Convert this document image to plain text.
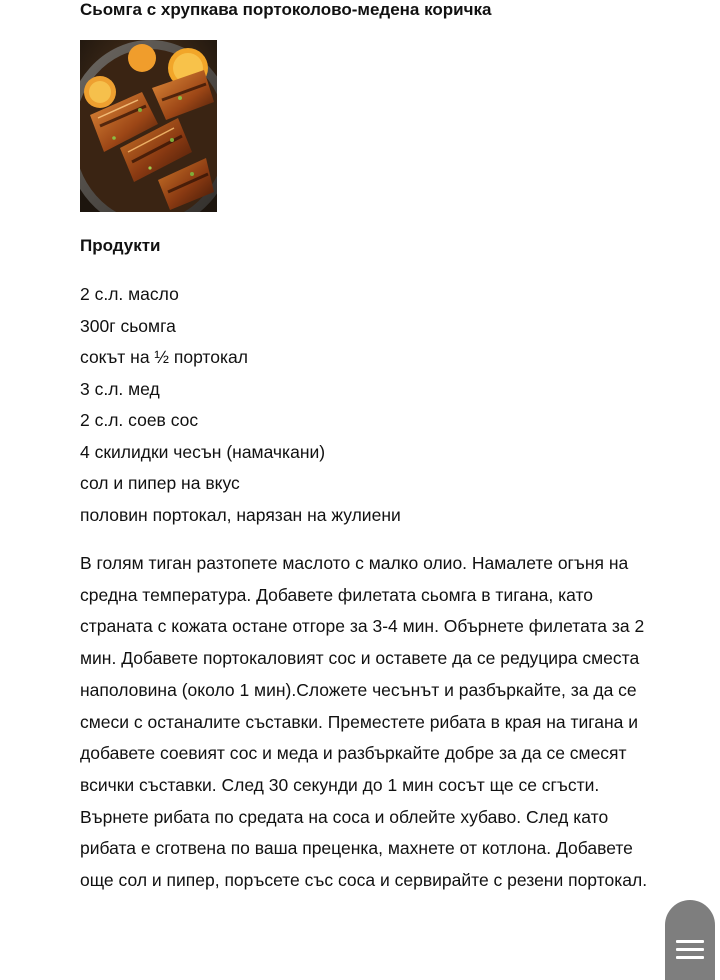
Сьомга с хрупкава портоколово-медена коричка
Продукти
2 с.л. масло
300г сьомга
сокът на ½ портокал
3 с.л. мед
2 с.л. соев сос
4 скилидки чесън (намачкани)
сол и пипер на вкус
половин портокал, нарязан на жулиени

В голям тиган разтопете маслото с малко олио. Намалете огъня на средна температура. Добавете филетата сьомга в тигана, като страната с кожата остане отгоре за 3-4 мин. Обърнете филетата за 2 мин. Добавете портокаловият сос и оставете да се редуцира сместа наполовина (около 1 мин).Сложете чесънът и разбъркайте, за да се смеси с останалите съставки. Преместете рибата в края на тигана и добавете соевият сос и меда и разбъркайте добре за да се смесят всички съставки. След 30 секунди до 1 мин сосът ще се сгъсти. Върнете рибата по средата на соса и облейте хубаво. След като рибата е сготвена по ваша преценка, махнете от котлона. Добавете още сол и пипер, поръсете със соса и сервирайте с резени портокал.
